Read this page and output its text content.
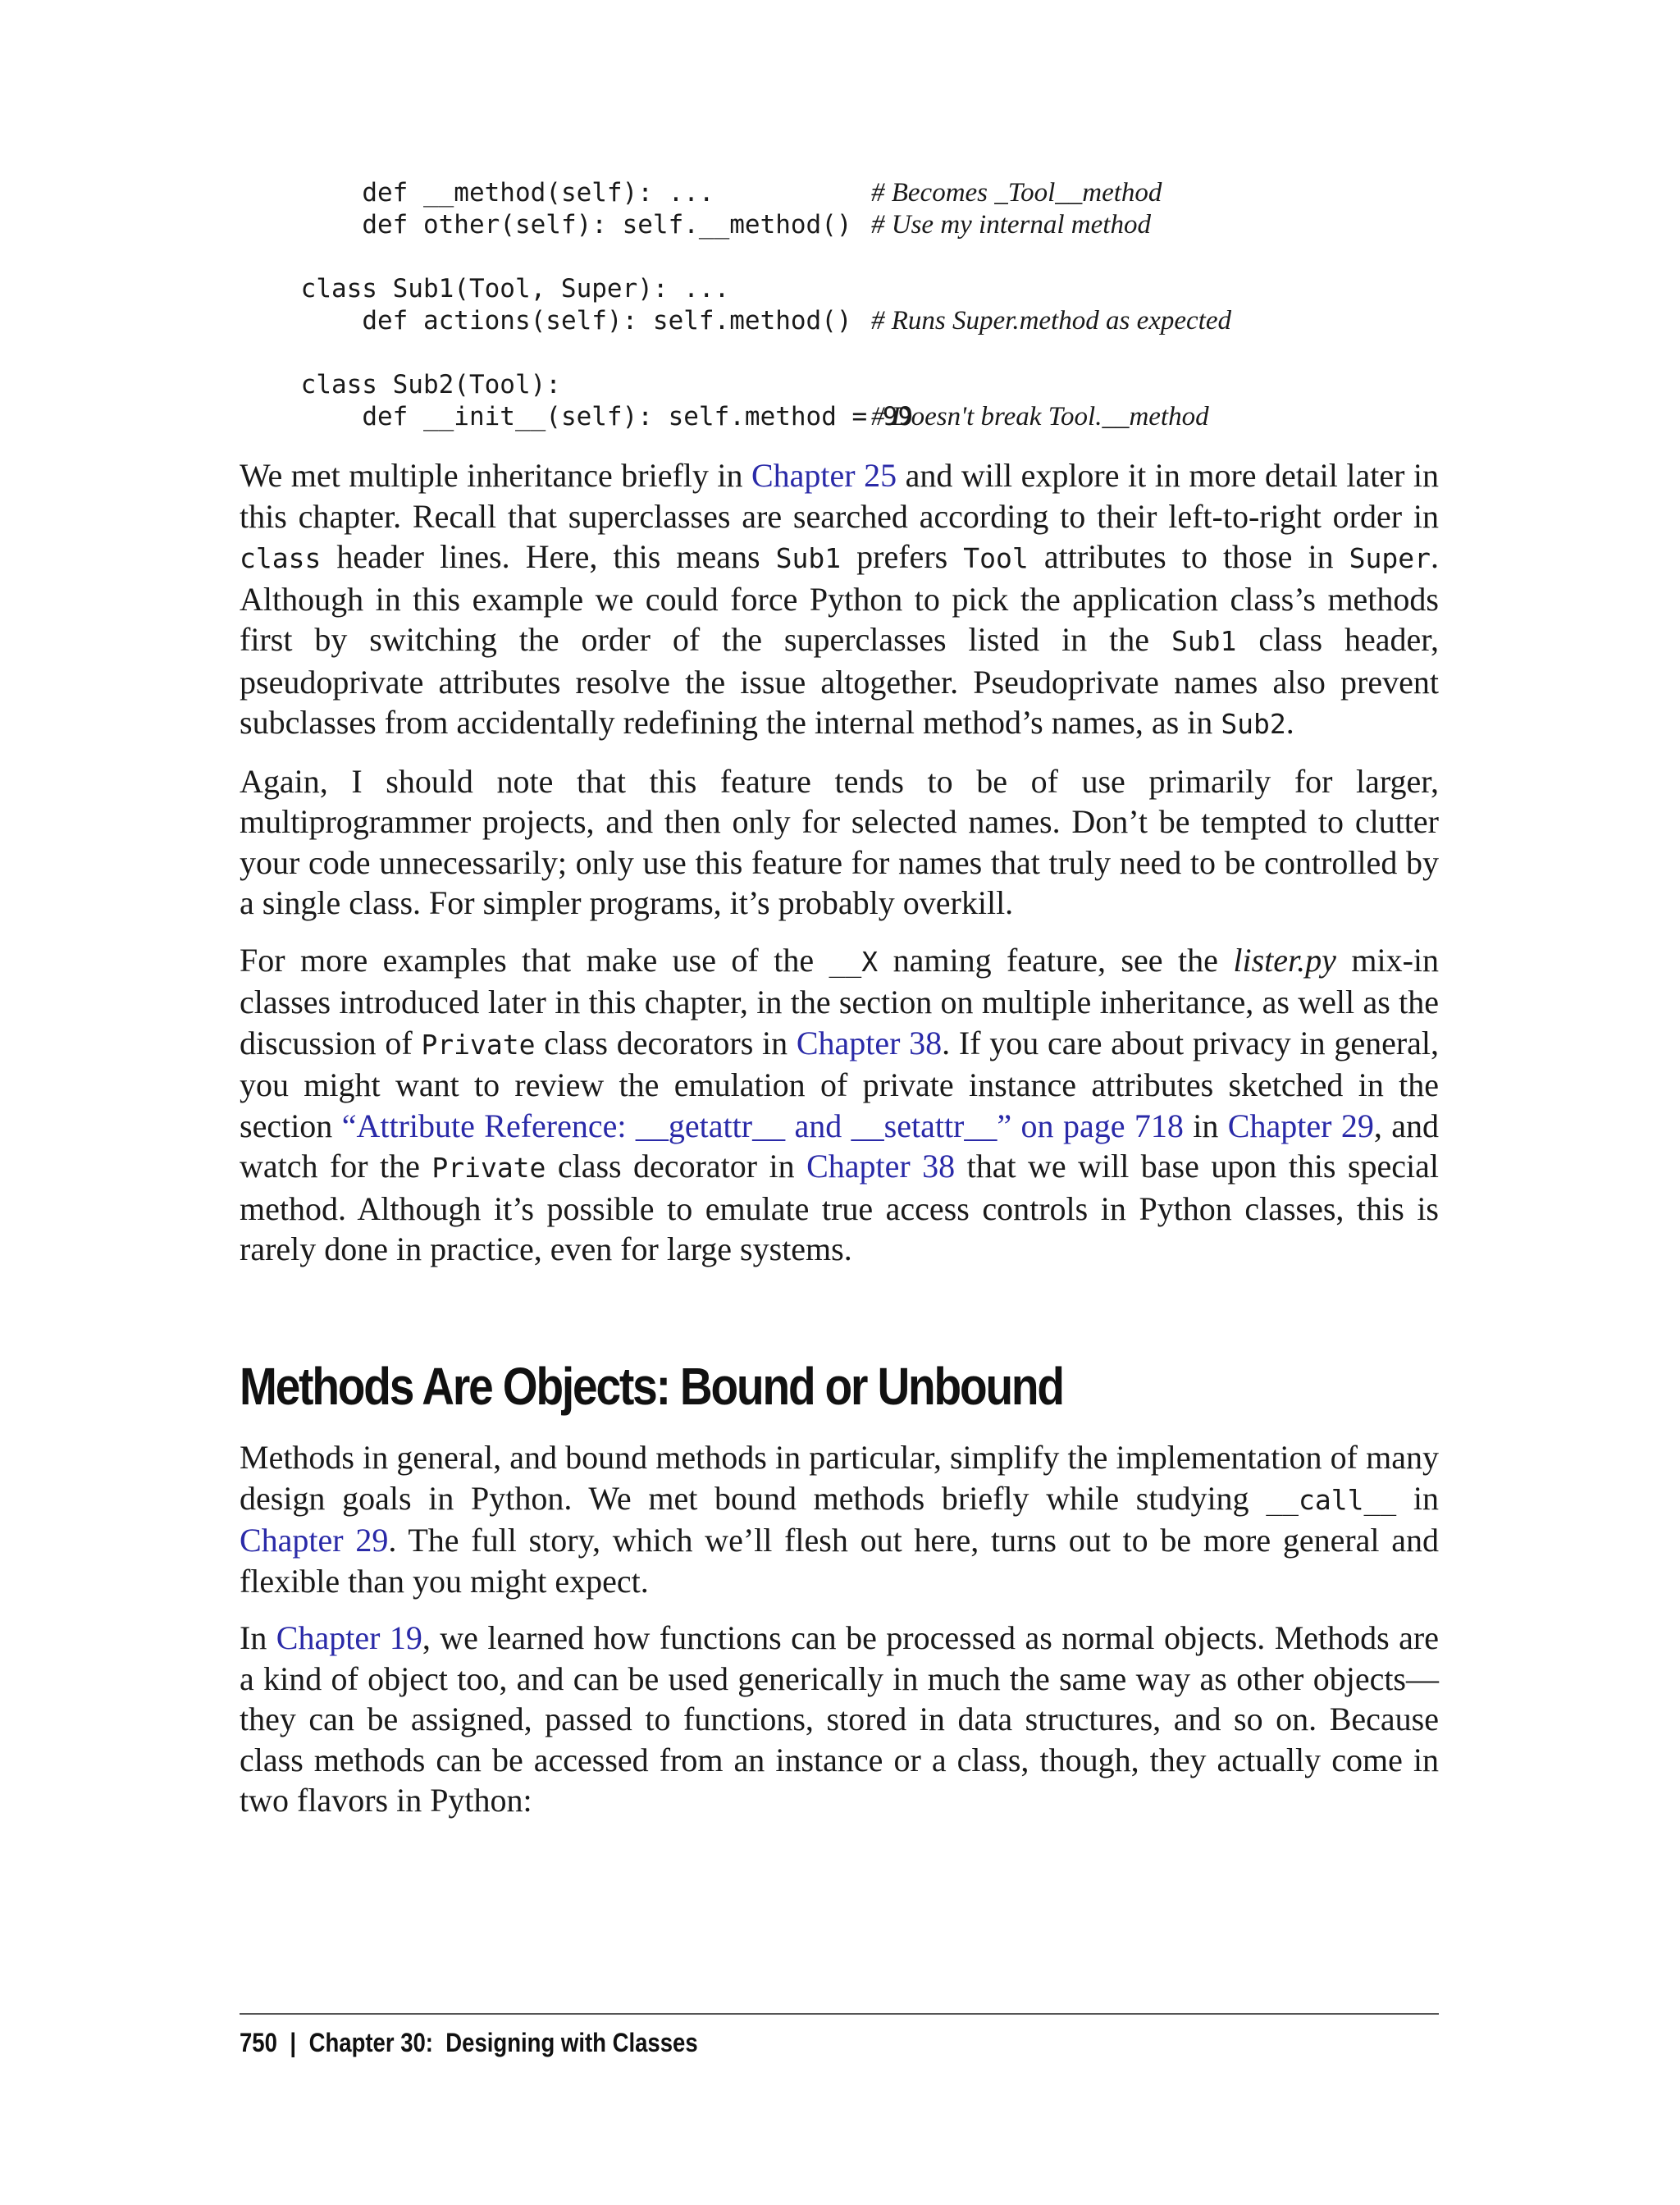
def __method(self): ...	# Becomes _Tool__method
def other(self): self.__method() # Use my internal method
class Sub1(Tool, Super): ...
def actions(self): self.method() # Runs Super.method as expected
class Sub2(Tool):
def __init__(self): self.method = 99
# Doesn't break Tool.__method

We met multiple inheritance briefly in Chapter 25 and will explore it in more detail later in this chapter. Recall that superclasses are searched according to their left-to-right order in class header lines. Here, this means Sub1 prefers Tool attributes to those in Super. Although in this example we could force Python to pick the application class’s methods first by switching the order of the superclasses listed in the Sub1 class header, pseudoprivate attributes resolve the issue altogether. Pseudoprivate names also prevent subclasses from accidentally redefining the internal method’s names, as in Sub2.

Again, I should note that this feature tends to be of use primarily for larger, multiprogrammer projects, and then only for selected names. Don’t be tempted to clutter your code unnecessarily; only use this feature for names that truly need to be controlled by a single class. For simpler programs, it’s probably overkill.

For more examples that make use of the __X naming feature, see the lister.py mix-in classes introduced later in this chapter, in the section on multiple inheritance, as well as the discussion of Private class decorators in Chapter 38. If you care about privacy in general, you might want to review the emulation of private instance attributes sketched in the section “Attribute Reference: __getattr__ and __setattr__” on page 718 in Chapter 29, and watch for the Private class decorator in Chapter 38 that we will base upon this special method. Although it’s possible to emulate true access controls in Python classes, this is rarely done in practice, even for large systems.

Methods Are Objects: Bound or Unbound

Methods in general, and bound methods in particular, simplify the implementation of many design goals in Python. We met bound methods briefly while studying __call__ in Chapter 29. The full story, which we’ll flesh out here, turns out to be more general and flexible than you might expect.

In Chapter 19, we learned how functions can be processed as normal objects. Methods are a kind of object too, and can be used generically in much the same way as other objects—they can be assigned, passed to functions, stored in data structures, and so on. Because class methods can be accessed from an instance or a class, though, they actually come in two flavors in Python:

750 | Chapter 30:  Designing with Classes
